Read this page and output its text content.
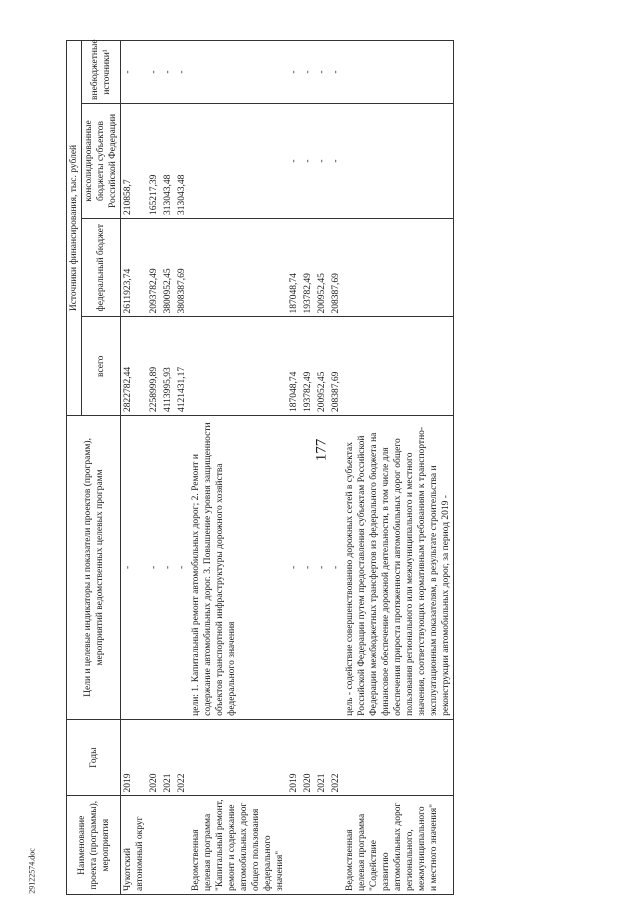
177
29122574.doc	Наименование проекта (программы), мероприятия	Годы	Цели и целевые индикаторы и показатели проектов (программ), мероприятий ведомственных целевых программ	Источники финансирования, тыс. рублей			
			всего	федеральный бюджет	консолидированные бюджеты субъектов Российской Федерации	внебюджетные источники¹
Чукотский автономный округ	2019	-	2822782,44	2611923,74	210858,7	-
	2020	-	2258999,89	2093782,49	165217,39	-
	2021	-	4113995,93	3800952,45	313043,48	-
	2022	-	4121431,17	3808387,69	313043,48	-
Ведомственная целевая программа "Капитальный ремонт, ремонт и содержание автомобильных дорог общего пользования федерального значения"		цели: 1. Капитальный ремонт автомобильных дорог; 2. Ремонт и содержание автомобильных дорог. 3. Повышение уровня защищенности объектов транспортной инфраструктуры дорожного хозяйства федерального значения				
	2019	-	187048,74	187048,74	-	-
	2020	-	193782,49	193782,49	-	-
	2021	-	200952,45	200952,45	-	-
	2022	-	208387,69	208387,69	-	-
Ведомственная целевая программа "Содействие развитию автомобильных дорог регионального, межмуниципального и местного значения"		цель - содействие совершенствованию дорожных сетей в субъектах Российской Федерации путем предоставления субъектам Российской Федерации межбюджетных трансфертов из федерального бюджета на финансовое обеспечение дорожной деятельности, в том числе для обеспечения прироста протяженности автомобильных дорог общего пользования регионального или межмуниципального и местного значения, соответствующих нормативным требованиям к транспортно-эксплуатационным показателям, в результате строительства и реконструкции автомобильных дорог, за период 2019 -				
